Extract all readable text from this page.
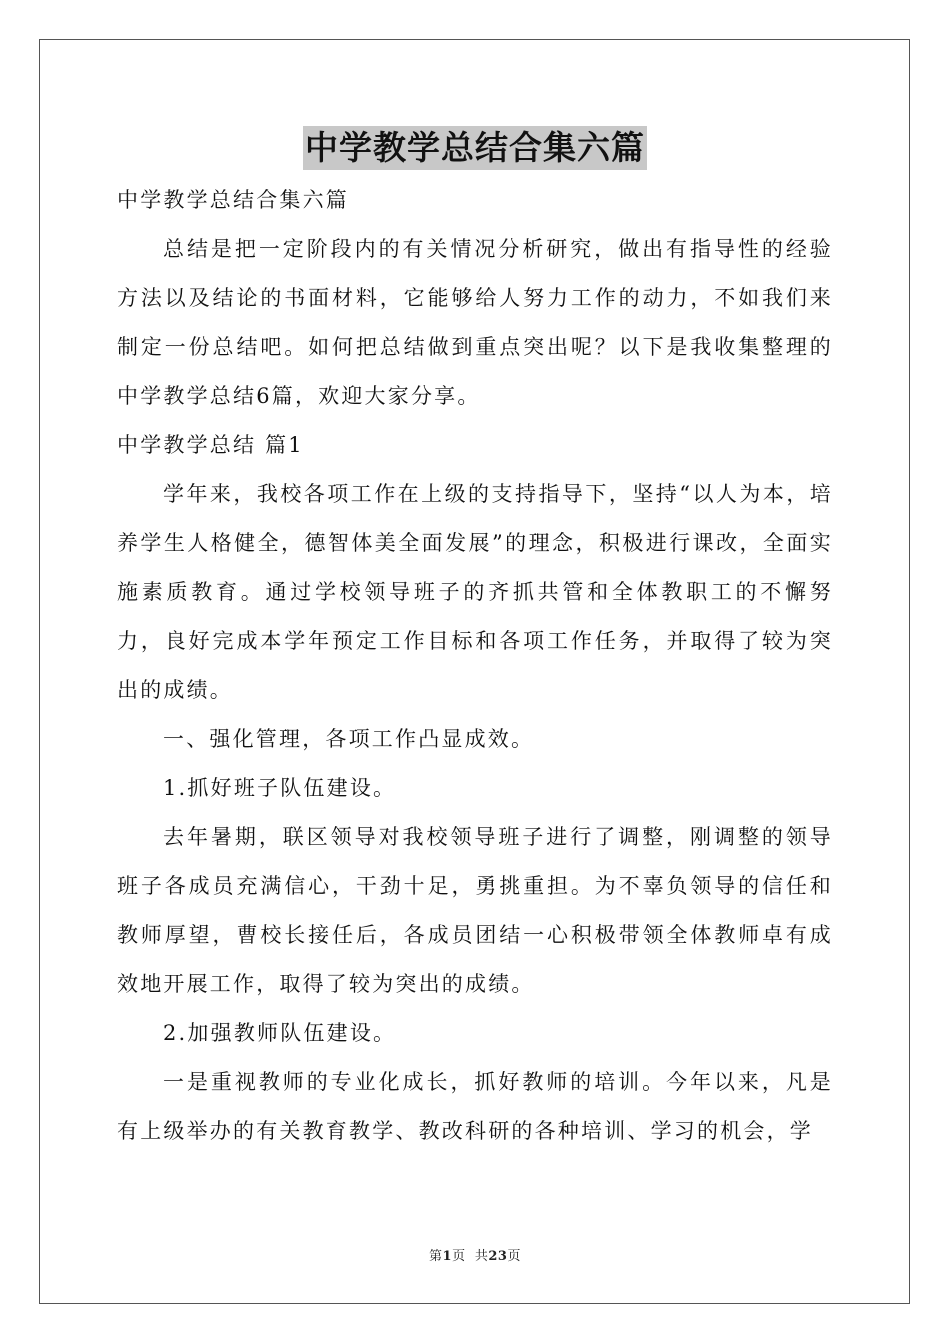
中学教学总结合集六篇

中学教学总结合集六篇

总结是把一定阶段内的有关情况分析研究，做出有指导性的经验方法以及结论的书面材料，它能够给人努力工作的动力，不如我们来制定一份总结吧。如何把总结做到重点突出呢？以下是我收集整理的中学教学总结6篇，欢迎大家分享。

中学教学总结 篇1

学年来，我校各项工作在上级的支持指导下，坚持“以人为本，培养学生人格健全，德智体美全面发展”的理念，积极进行课改，全面实施素质教育。通过学校领导班子的齐抓共管和全体教职工的不懈努力，良好完成本学年预定工作目标和各项工作任务，并取得了较为突出的成绩。

一、强化管理，各项工作凸显成效。

1.抓好班子队伍建设。

去年暑期，联区领导对我校领导班子进行了调整，刚调整的领导班子各成员充满信心，干劲十足，勇挑重担。为不辜负领导的信任和教师厚望，曹校长接任后，各成员团结一心积极带领全体教师卓有成效地开展工作，取得了较为突出的成绩。

2.加强教师队伍建设。

一是重视教师的专业化成长，抓好教师的培训。今年以来，凡是有上级举办的有关教育教学、教改科研的各种培训、学习的机会，学

第1页  共23页
